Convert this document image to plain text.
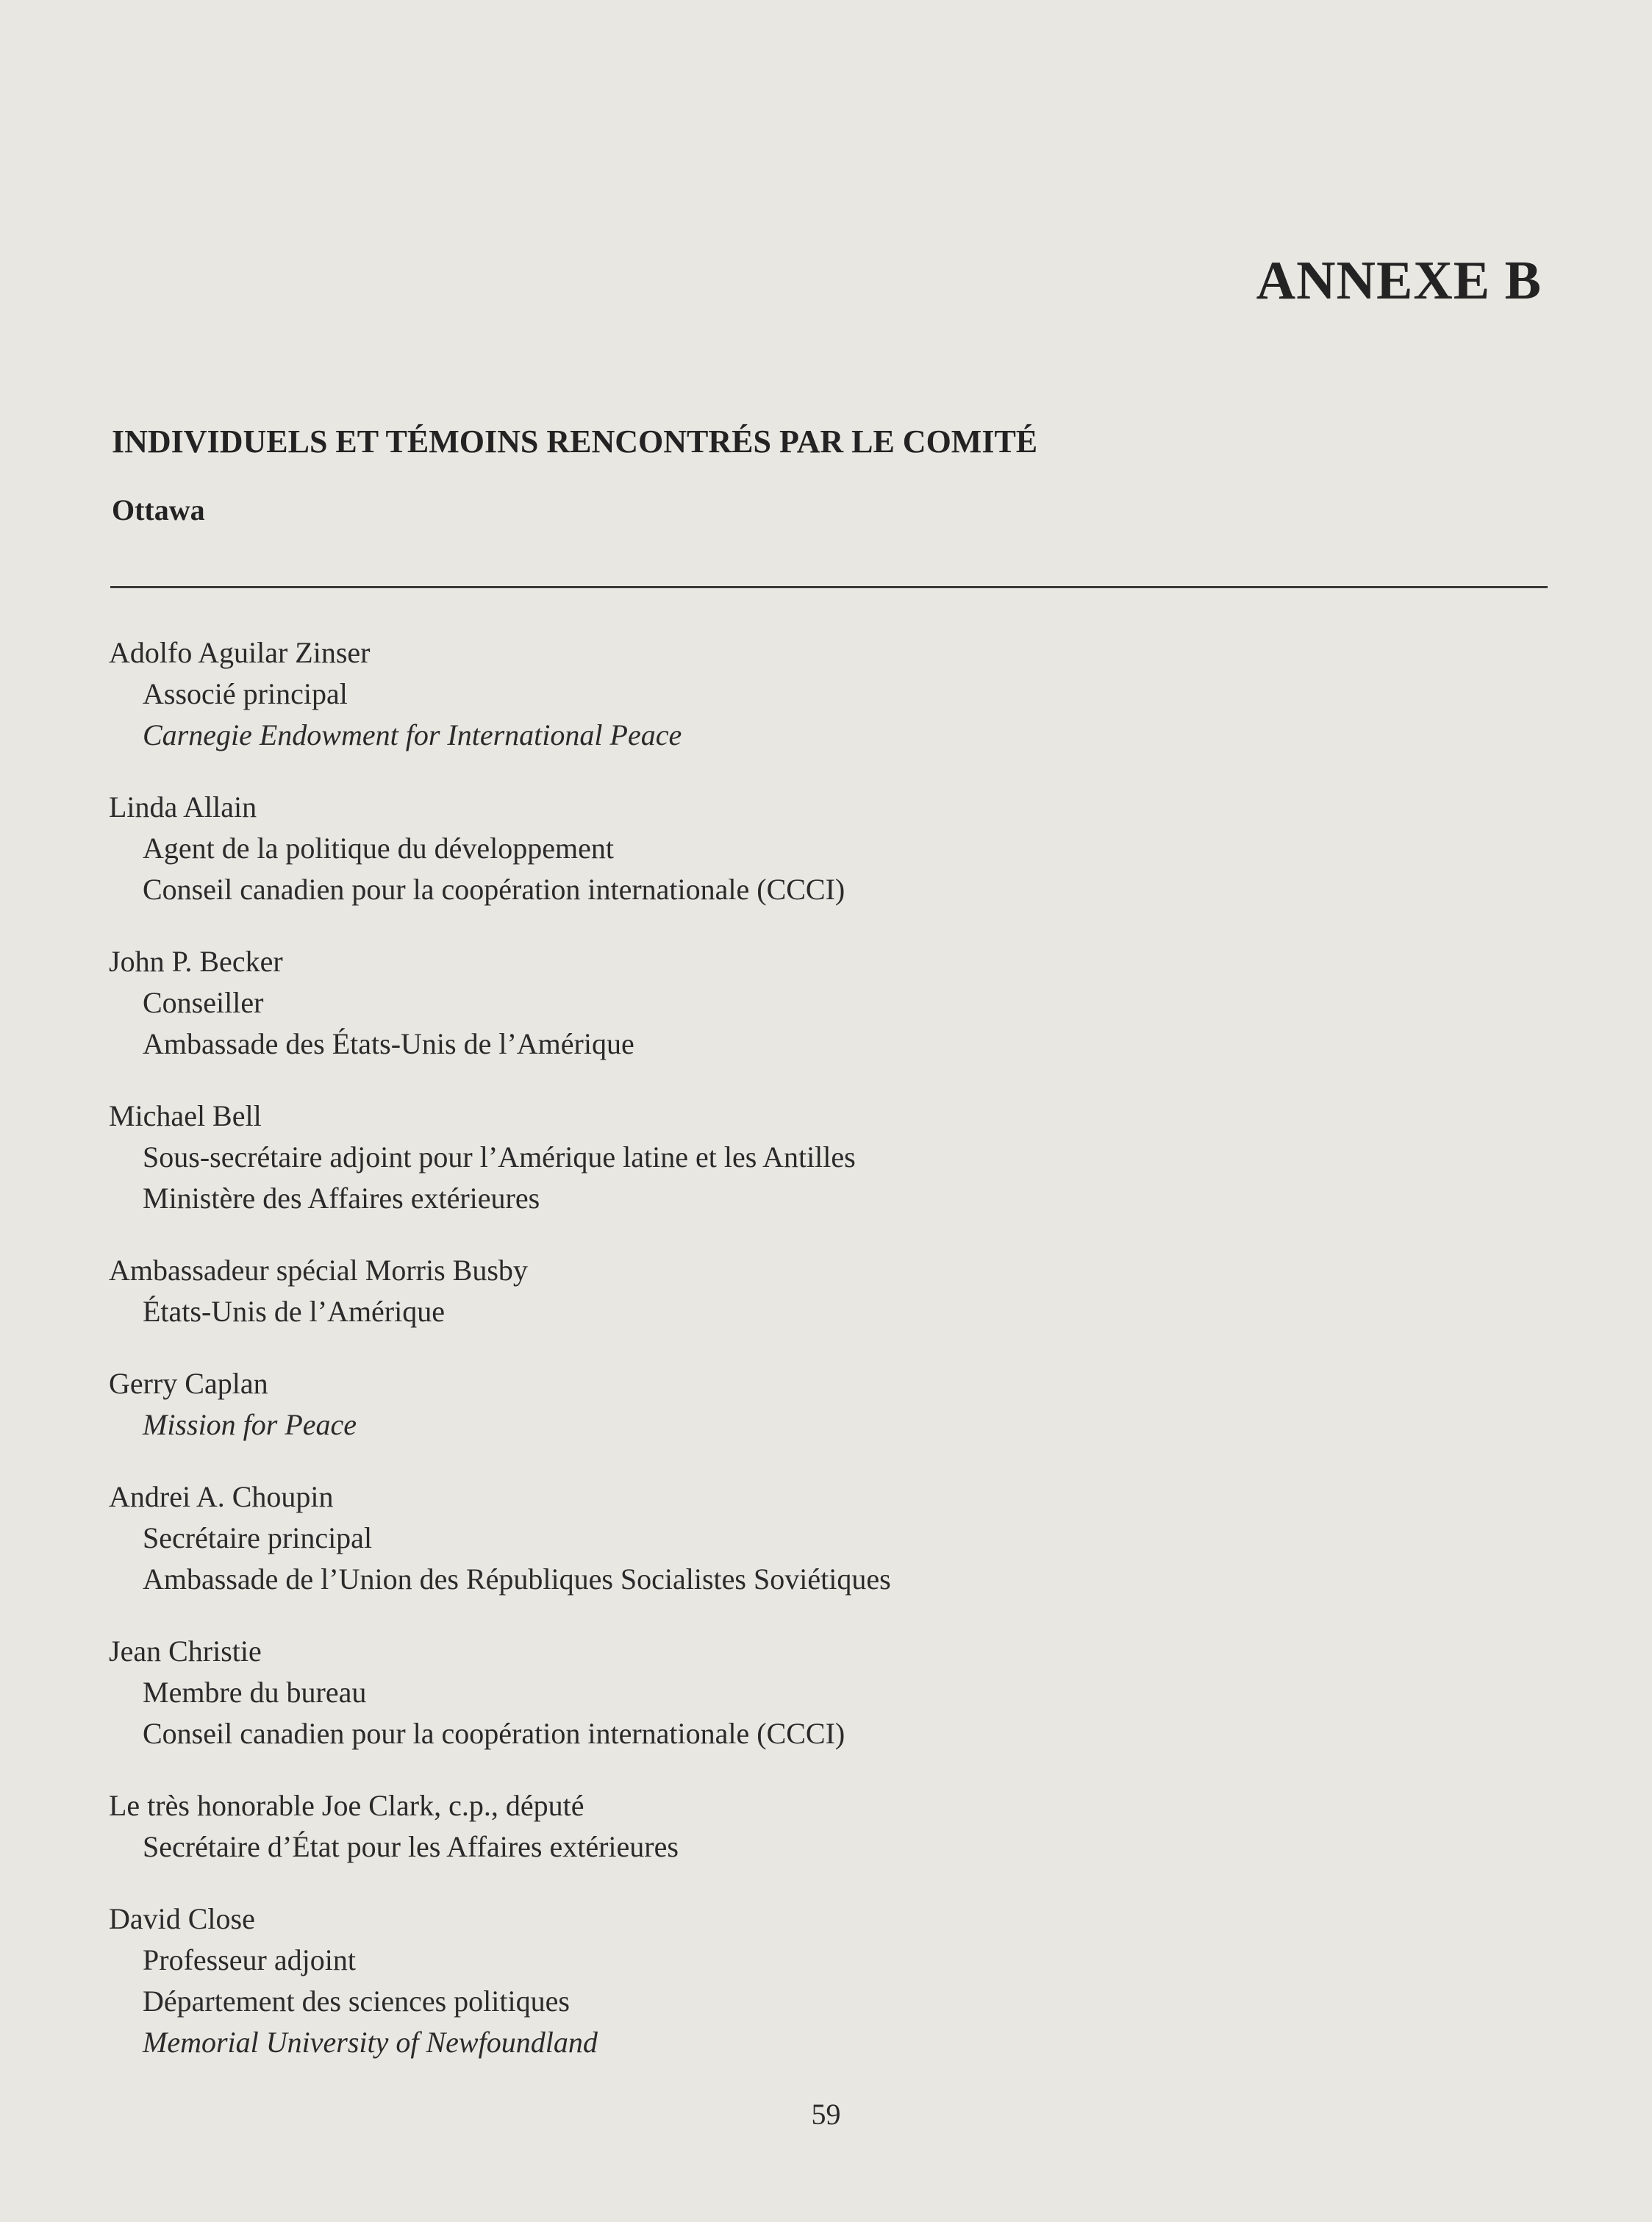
ANNEXE B
INDIVIDUELS ET TÉMOINS RENCONTRÉS PAR LE COMITÉ
Ottawa
Adolfo Aguilar Zinser
Associé principal
Carnegie Endowment for International Peace
Linda Allain
Agent de la politique du développement
Conseil canadien pour la coopération internationale (CCCI)
John P. Becker
Conseiller
Ambassade des États-Unis de l’Amérique
Michael Bell
Sous-secrétaire adjoint pour l’Amérique latine et les Antilles
Ministère des Affaires extérieures
Ambassadeur spécial Morris Busby
États-Unis de l’Amérique
Gerry Caplan
Mission for Peace
Andrei A. Choupin
Secrétaire principal
Ambassade de l’Union des Républiques Socialistes Soviétiques
Jean Christie
Membre du bureau
Conseil canadien pour la coopération internationale (CCCI)
Le très honorable Joe Clark, c.p., député
Secrétaire d’État pour les Affaires extérieures
David Close
Professeur adjoint
Département des sciences politiques
Memorial University of Newfoundland
59
